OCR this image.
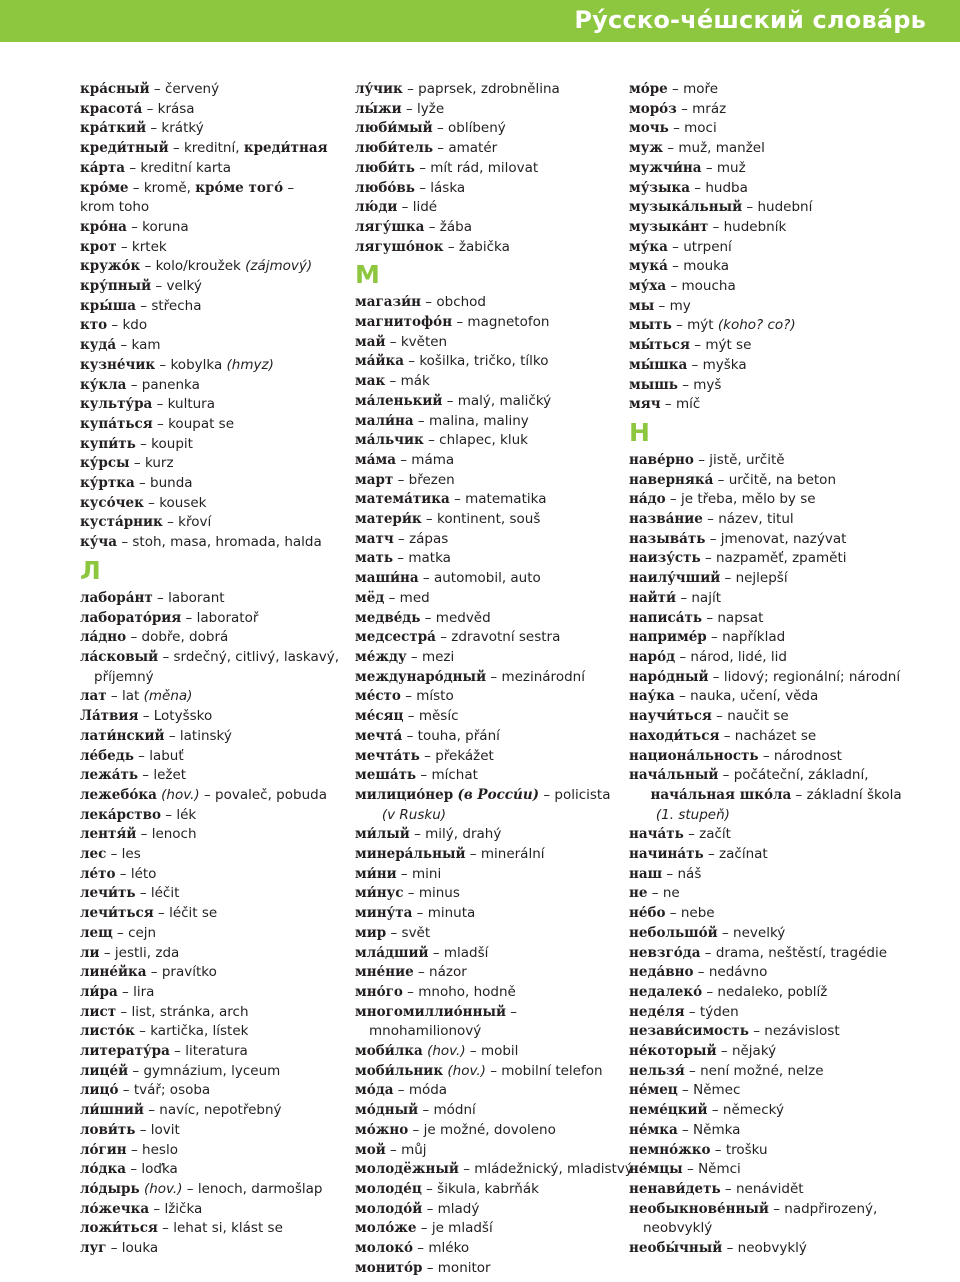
Ру́сско-че́шский слова́рь
кра́сный – červený
красота́ – krása
кра́ткий – krátký
креди́тный – kreditní, креди́тная
ка́рта – kreditní karta
кро́ме – kromě, кро́ме того́ –
krom toho
кро́на – koruna
крот – krtek
кружо́к – kolo/kroužek (zájmový)
кру́пный – velký
кры́ша – střecha
кто – kdo
куда́ – kam
кузне́чик – kobylka (hmyz)
ку́кла – panenka
культу́ра – kultura
купа́ться – koupat se
купи́ть – koupit
ку́рсы – kurz
ку́ртка – bunda
кусо́чек – kousek
куста́рник – křoví
ку́ча – stoh, masa, hromada, halda
Л
лабора́нт – laborant
лаборато́рия – laboratoř
ла́дно – dobře, dobrá
ла́сковый – srdečný, citlivý, laskavý, příjemný
лат – lat (měna)
Ла́твия – Lotyšsko
лати́нский – latinský
ле́бедь – labuť
лежа́ть – ležet
лежебо́ка (hov.) – povaleč, pobuda
лека́рство – lék
лентя́й – lenoch
лес – les
ле́то – léto
лечи́ть – léčit
лечи́ться – léčit se
лещ – cejn
ли – jestli, zda
лине́йка – pravítko
ли́ра – lira
лист – list, stránka, arch
листо́к – kartička, lístek
литерату́ра – literatura
лице́й – gymnázium, lyceum
лицо́ – tvář; osoba
ли́шний – navíc, nepotřebný
лови́ть – lovit
ло́гин – heslo
ло́дка – loďka
ло́дырь (hov.) – lenoch, darmošlap
ло́жечка – lžička
ложи́ться – lehat si, klást se
луг – louka
лу́чик – paprsek, zdrobnělina
лы́жи – lyže
люби́мый – oblíbený
люби́тель – amatér
люби́ть – mít rád, milovat
любо́вь – láska
лю́ди – lidé
лягу́шка – žába
лягушо́нок – žabička
М
магази́н – obchod
магнитофо́н – magnetofon
май – květen
ма́йка – košilka, tričko, tílko
мак – mák
ма́ленький – malý, maličký
мали́на – malina, maliny
ма́льчик – chlapec, kluk
ма́ма – máma
март – březen
матема́тика – matematika
матери́к – kontinent, souš
матч – zápas
мать – matka
маши́на – automobil, auto
мёд – med
медве́дь – medvěd
медсестра́ – zdravotní sestra
ме́жду – mezi
междунаро́дный – mezinárodní
ме́сто – místo
ме́сяц – měsíc
мечта́ – touha, přání
мечта́ть – překážet
меша́ть – míchat
милицио́нер (в Росси́и) – policista
(v Rusku)
ми́лый – milý, drahý
минера́льный – minerální
ми́ни – mini
ми́нус – minus
мину́та – minuta
мир – svět
мла́дший – mladší
мне́ние – názor
мно́го – mnoho, hodně
многомиллио́нный – mnohamilionový
моби́лка (hov.) – mobil
моби́льник (hov.) – mobilní telefon
мо́да – móda
мо́дный – módní
мо́жно – je možné, dovoleno
мой – můj
молодёжный – mládežnický, mladistvý
молоде́ц – šikula, kabrňák
молодо́й – mladý
моло́же – je mladší
молоко́ – mléko
монито́р – monitor
мо́ре – moře
моро́з – mráz
мочь – moci
муж – muž, manžel
мужчи́на – muž
му́зыка – hudba
музыка́льный – hudební
музыка́нт – hudebník
му́ка – utrpení
мука́ – mouka
му́ха – moucha
мы – my
мыть – mýt (koho? co?)
мы́ться – mýt se
мы́шка – myška
мышь – myš
мяч – míč
Н
наве́рно – jistě, určitě
наверняка́ – určitě, na beton
на́до – je třeba, mělo by se
назва́ние – název, titul
называ́ть – jmenovat, nazývat
наизу́сть – nazpaměť, zpaměti
наилу́чший – nejlepší
найти́ – najít
написа́ть – napsat
наприме́р – například
наро́д – národ, lidé, lid
наро́дный – lidový; regionální; národní
нау́ка – nauka, učení, věda
научи́ться – naučit se
находи́ться – nacházet se
национа́льность – národnost
нача́льный – počáteční, základní,
нача́льная шко́ла – základní škola
(1. stupeň)
нача́ть – začít
начина́ть – začínat
наш – náš
не – ne
не́бо – nebe
небольшо́й – nevelký
невзго́да – drama, neštěstí, tragédie
неда́вно – nedávno
недалеко́ – nedaleko, poblíž
неде́ля – týden
незави́симость – nezávislost
не́который – nějaký
нельзя́ – není možné, nelze
не́мец – Němec
неме́цкий – německý
не́мка – Němka
немно́жко – trošku
не́мцы – Němci
ненави́деть – nenávidět
необыкнове́нный – nadpřirozený, neobvyklý
необы́чный – neobvyklý
